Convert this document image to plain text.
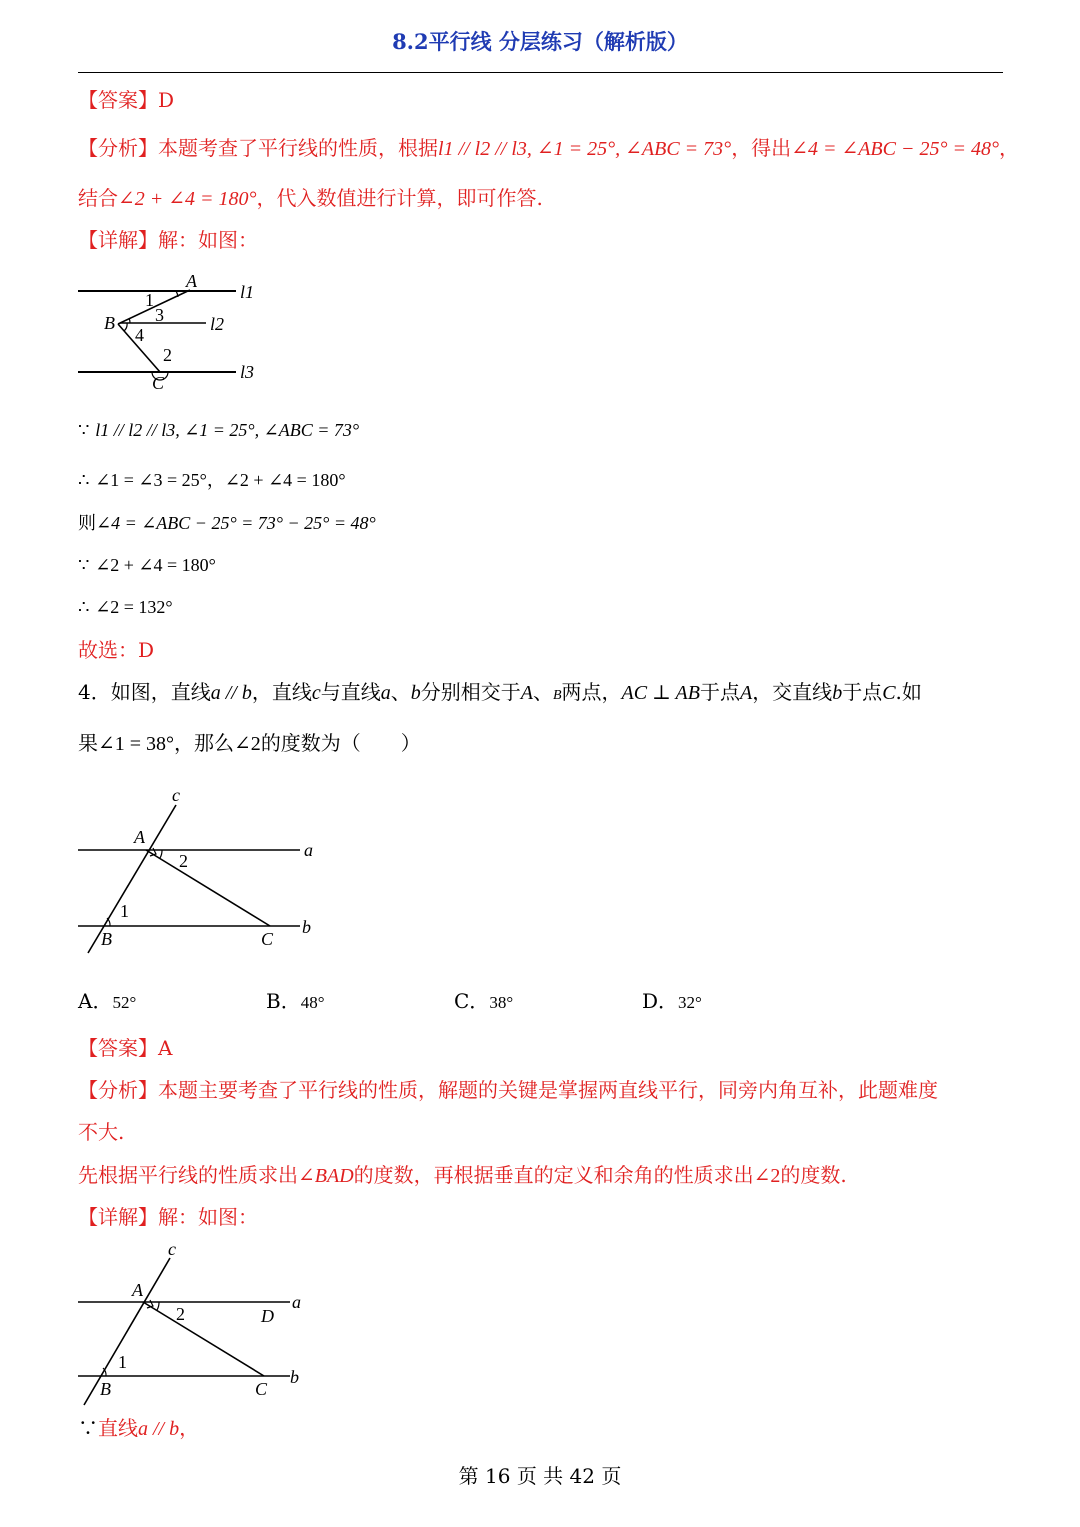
8.2平行线 分层练习（解析版）
【答案】D
【分析】本题考查了平行线的性质，根据l1 // l2 // l3, ∠1 = 25°, ∠ABC = 73°，得出∠4 = ∠ABC − 25° = 48°，
结合∠2 + ∠4 = 180°，代入数值进行计算，即可作答.
【详解】解：如图：
A
B
C
1
2
3
4
l1
l2
l3
∵ l1 // l2 // l3, ∠1 = 25°, ∠ABC = 73°
∴ ∠1 = ∠3 = 25°，∠2 + ∠4 = 180°
则∠4 = ∠ABC − 25° = 73° − 25° = 48°
∵ ∠2 + ∠4 = 180°
∴ ∠2 = 132°
故选：D
4．如图，直线a // b，直线c与直线a、b分别相交于A、B两点，AC ⊥ AB于点A，交直线b于点C.如
果∠1 = 38°，那么∠2的度数为（　　）
c
A
2
a
1
B	C
b
A．52°	B．48°	C．38°	D．32°
【答案】A
【分析】本题主要考查了平行线的性质，解题的关键是掌握两直线平行，同旁内角互补，此题难度
不大.
先根据平行线的性质求出∠BAD的度数，再根据垂直的定义和余角的性质求出∠2的度数.
【详解】解：如图：
c
A
2	D
a
1
B	C
b
∵直线a // b，
第 16 页 共 42 页
